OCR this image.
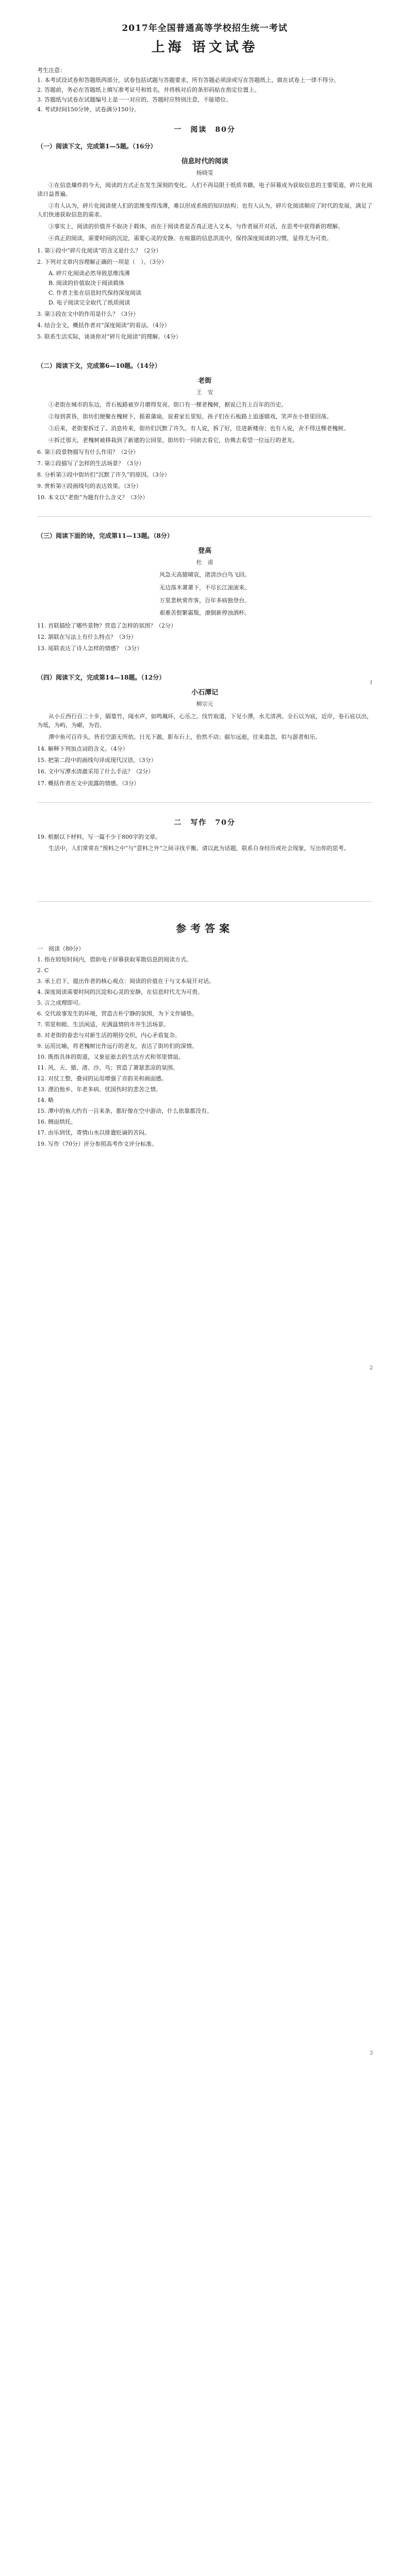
2017年全国普通高等学校招生统一考试
上海 语文试卷

考生注意：

1. 本考试设试卷和答题纸两部分，试卷包括试题与答题要求，所有答题必须涂或写在答题纸上，做在试卷上一律不得分。

2. 答题前，务必在答题纸上填写准考证号和姓名，并将核对后的条形码贴在指定位置上。

3. 答题纸与试卷在试题编号上是一一对应的，答题时应特别注意，不能错位。

4. 考试时间150分钟，试卷满分150分。

一　阅读　80分
（一）阅读下文，完成第1—5题。（16分）
信息时代的阅读
杨晓雯

①在信息爆炸的今天，阅读的方式正在发生深刻的变化。人们不再局限于纸质书籍，电子屏幕成为获取信息的主要渠道，碎片化阅读日益普遍。

②有人认为，碎片化阅读使人们的思维变得浅薄，难以形成系统的知识结构；也有人认为，碎片化阅读顺应了时代的发展，满足了人们快速获取信息的需求。

③事实上，阅读的价值并不取决于载体，而在于阅读者是否真正进入文本，与作者展开对话，在思考中获得新的理解。

④真正的阅读，需要时间的沉淀，需要心灵的安静。在喧嚣的信息洪流中，保持深度阅读的习惯，显得尤为可贵。

1. 第①段中“碎片化阅读”的含义是什么？（2分）
2. 下列对文章内容理解正确的一项是（　）。（3分）
A. 碎片化阅读必然导致思维浅薄
B. 阅读的价值取决于阅读载体
C. 作者主张在信息时代保持深度阅读
D. 电子阅读完全取代了纸质阅读
3. 第③段在文中的作用是什么？（3分）
4. 结合全文，概括作者对“深度阅读”的看法。（4分）
5. 联系生活实际，谈谈你对“碎片化阅读”的理解。（4分）
（二）阅读下文，完成第6—10题。（14分）
老街
王　安

①老街在城市的东边，青石板路被岁月磨得发亮。街口有一棵老槐树，据说已有上百年的历史。

②每到黄昏，街坊们便聚在槐树下，摇着蒲扇，说着家长里短。孩子们在石板路上追逐嬉戏，笑声在小巷里回荡。

③后来，老街要拆迁了。消息传来，街坊们沉默了许久。有人说，拆了好，住进新楼房；也有人说，舍不得这棵老槐树。

④拆迁那天，老槐树被移栽到了新建的公园里。街坊们一同前去看它，仿佛去看望一位远行的老友。

6. 第①段景物描写有什么作用？（2分）
7. 第②段描写了怎样的生活场景？（3分）
8. 分析第③段中街坊们“沉默了许久”的原因。（3分）
9. 赏析第④段画线句的表达效果。（3分）
10. 本文以“老街”为题有什么含义？（3分）
（三）阅读下面的诗，完成第11—13题。（8分）
登高
杜　甫
风急天高猿啸哀，渚清沙白鸟飞回。
无边落木萧萧下，不尽长江滚滚来。
万里悲秋常作客，百年多病独登台。
艰难苦恨繁霜鬓，潦倒新停浊酒杯。
11. 首联描绘了哪些景物？营造了怎样的氛围？（2分）
12. 颔联在写法上有什么特点？（3分）
13. 尾联表达了诗人怎样的情感？（3分）
（四）阅读下文，完成第14—18题。（12分）
小石潭记
柳宗元

从小丘西行百二十步，隔篁竹，闻水声，如鸣珮环，心乐之。伐竹取道，下见小潭，水尤清冽。全石以为底，近岸，卷石底以出，为坻，为屿，为嵁，为岩。

潭中鱼可百许头，皆若空游无所依。日光下澈，影布石上，佁然不动；俶尔远逝，往来翕忽，似与游者相乐。

14. 解释下列加点词的含义。（4分）
15. 把第二段中的画线句译成现代汉语。（3分）
16. 文中写潭水清澈采用了什么手法？（2分）
17. 概括作者在文中流露的情感。（3分）
二　写作　70分
19. 根据以下材料，写一篇不少于800字的文章。

生活中，人们常常在“预料之中”与“意料之外”之间寻找平衡。请以此为话题，联系自身经历或社会现象，写出你的思考。

参考答案
一　阅读（80分）
1. 指在较短时间内，借助电子屏幕获取零散信息的阅读方式。
2. C
3. 承上启下，提出作者的核心观点：阅读的价值在于与文本展开对话。
4. 深度阅读需要时间的沉淀和心灵的安静，在信息时代尤为可贵。
5. 言之成理即可。
6. 交代故事发生的环境，营造古朴宁静的氛围，为下文作铺垫。
7. 邻里和睦、生活闲适、充满温情的市井生活场景。
8. 对老街的眷恋与对新生活的期待交织，内心矛盾复杂。
9. 运用比喻，将老槐树比作远行的老友，表达了街坊们的深情。
10. 既指具体的街道，又象征逝去的生活方式和邻里情谊。
11. 风、天、猿、渚、沙、鸟；营造了萧瑟悲凉的氛围。
12. 对仗工整，叠词的运用增强了音韵美和画面感。
13. 漂泊他乡、年老多病、忧国伤时的悲苦之情。
14. 略
15. 潭中的鱼大约有一百来条，都好像在空中游动，什么依靠都没有。
16. 侧面烘托。
17. 由乐到忧，寄情山水以排遣贬谪的苦闷。
19. 写作（70分）评分参照高考作文评分标准。
1
2
3
